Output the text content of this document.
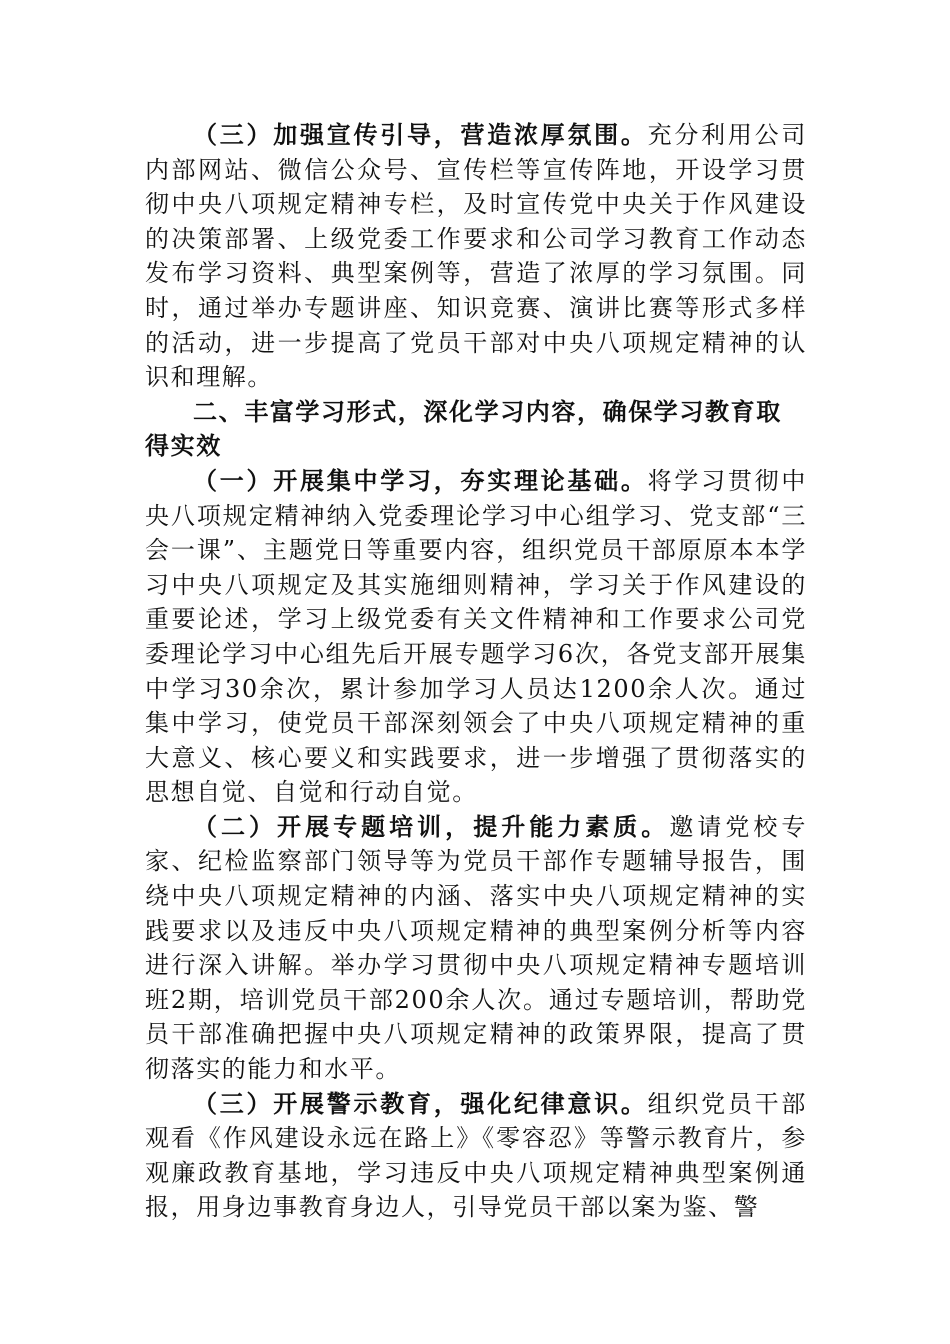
（三）加强宣传引导，营造浓厚氛围。充分利用公司内部网站、微信公众号、宣传栏等宣传阵地，开设学习贯彻中央八项规定精神专栏，及时宣传党中央关于作风建设的决策部署、上级党委工作要求和公司学习教育工作动态发布学习资料、典型案例等，营造了浓厚的学习氛围。同时，通过举办专题讲座、知识竞赛、演讲比赛等形式多样的活动，进一步提高了党员干部对中央八项规定精神的认识和理解。

二、丰富学习形式，深化学习内容，确保学习教育取得实效

（一）开展集中学习，夯实理论基础。将学习贯彻中央八项规定精神纳入党委理论学习中心组学习、党支部“三会一课”、主题党日等重要内容，组织党员干部原原本本学习中央八项规定及其实施细则精神，学习关于作风建设的重要论述，学习上级党委有关文件精神和工作要求公司党委理论学习中心组先后开展专题学习6次，各党支部开展集中学习30余次，累计参加学习人员达1200余人次。通过集中学习，使党员干部深刻领会了中央八项规定精神的重大意义、核心要义和实践要求，进一步增强了贯彻落实的思想自觉、自觉和行动自觉。

（二）开展专题培训，提升能力素质。邀请党校专家、纪检监察部门领导等为党员干部作专题辅导报告，围绕中央八项规定精神的内涵、落实中央八项规定精神的实践要求以及违反中央八项规定精神的典型案例分析等内容进行深入讲解。举办学习贯彻中央八项规定精神专题培训班2期，培训党员干部200余人次。通过专题培训，帮助党员干部准确把握中央八项规定精神的政策界限，提高了贯彻落实的能力和水平。

（三）开展警示教育，强化纪律意识。组织党员干部观看《作风建设永远在路上》《零容忍》等警示教育片，参观廉政教育基地，学习违反中央八项规定精神典型案例通报，用身边事教育身边人，引导党员干部以案为鉴、警
